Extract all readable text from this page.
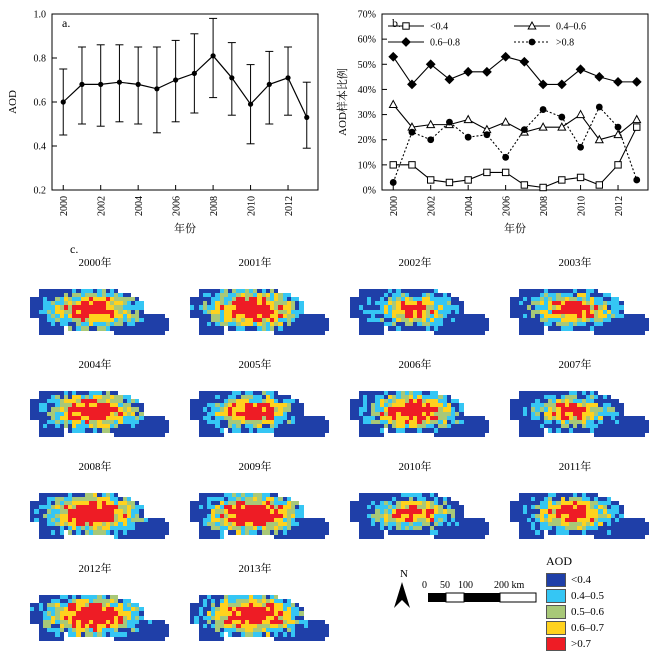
0.2
0.4
0.6
0.8
1.0
2000	2002	2004	2006	2008	2010	2012
AOD
年份
a.
0%
10%
20%
30%
40%
50%
60%
70%
2000	2002	2004	2006	2008	2010	2012
<0.4	0.4–0.6
0.6–0.8	>0.8
AOD样本比例
年份
b.
c.
2000年	2001年	2002年	2003年
2004年	2005年	2006年	2007年
2008年	2009年	2010年	2011年
2012年	2013年
AOD
<0.4
0.4–0.5
0.5–0.6
0.6–0.7
>0.7
N
0 50 100 200 km
